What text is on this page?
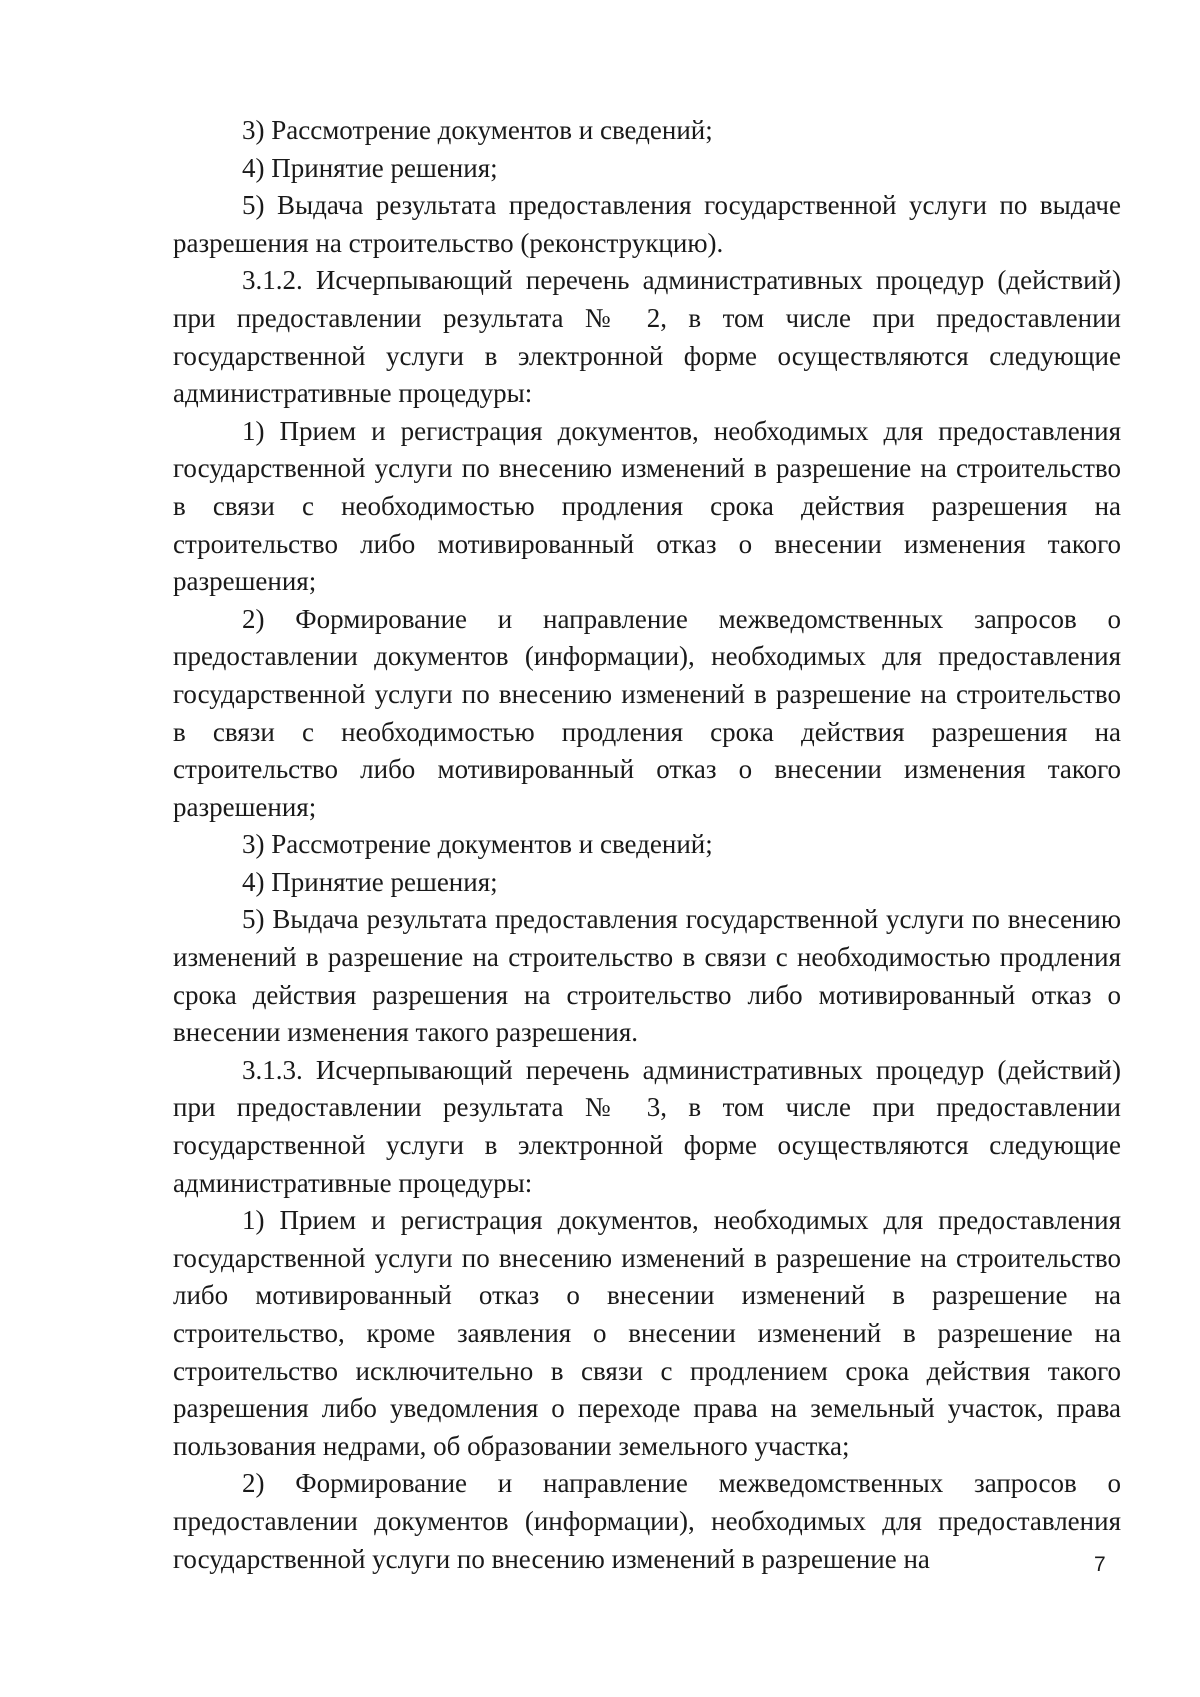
3) Рассмотрение документов и сведений;

4) Принятие решения;

5) Выдача результата предоставления государственной услуги по выдаче разрешения на строительство (реконструкцию).

3.1.2. Исчерпывающий перечень административных процедур (действий) при предоставлении результата № 2, в том числе при предоставлении государственной услуги в электронной форме осуществляются следующие административные процедуры:

1) Прием и регистрация документов, необходимых для предоставления государственной услуги по внесению изменений в разрешение на строительство в связи с необходимостью продления срока действия разрешения на строительство либо мотивированный отказ о внесении изменения такого разрешения;

2) Формирование и направление межведомственных запросов о предоставлении документов (информации), необходимых для предоставления государственной услуги по внесению изменений в разрешение на строительство в связи с необходимостью продления срока действия разрешения на строительство либо мотивированный отказ о внесении изменения такого разрешения;

3) Рассмотрение документов и сведений;

4) Принятие решения;

5) Выдача результата предоставления государственной услуги по внесению изменений в разрешение на строительство в связи с необходимостью продления срока действия разрешения на строительство либо мотивированный отказ о внесении изменения такого разрешения.

3.1.3. Исчерпывающий перечень административных процедур (действий) при предоставлении результата № 3, в том числе при предоставлении государственной услуги в электронной форме осуществляются следующие административные процедуры:

1) Прием и регистрация документов, необходимых для предоставления государственной услуги по внесению изменений в разрешение на строительство либо мотивированный отказ о внесении изменений в разрешение на строительство, кроме заявления о внесении изменений в разрешение на строительство исключительно в связи с продлением срока действия такого разрешения либо уведомления о переходе права на земельный участок, права пользования недрами, об образовании земельного участка;

2) Формирование и направление межведомственных запросов о предоставлении документов (информации), необходимых для предоставления государственной услуги по внесению изменений в разрешение на	7
